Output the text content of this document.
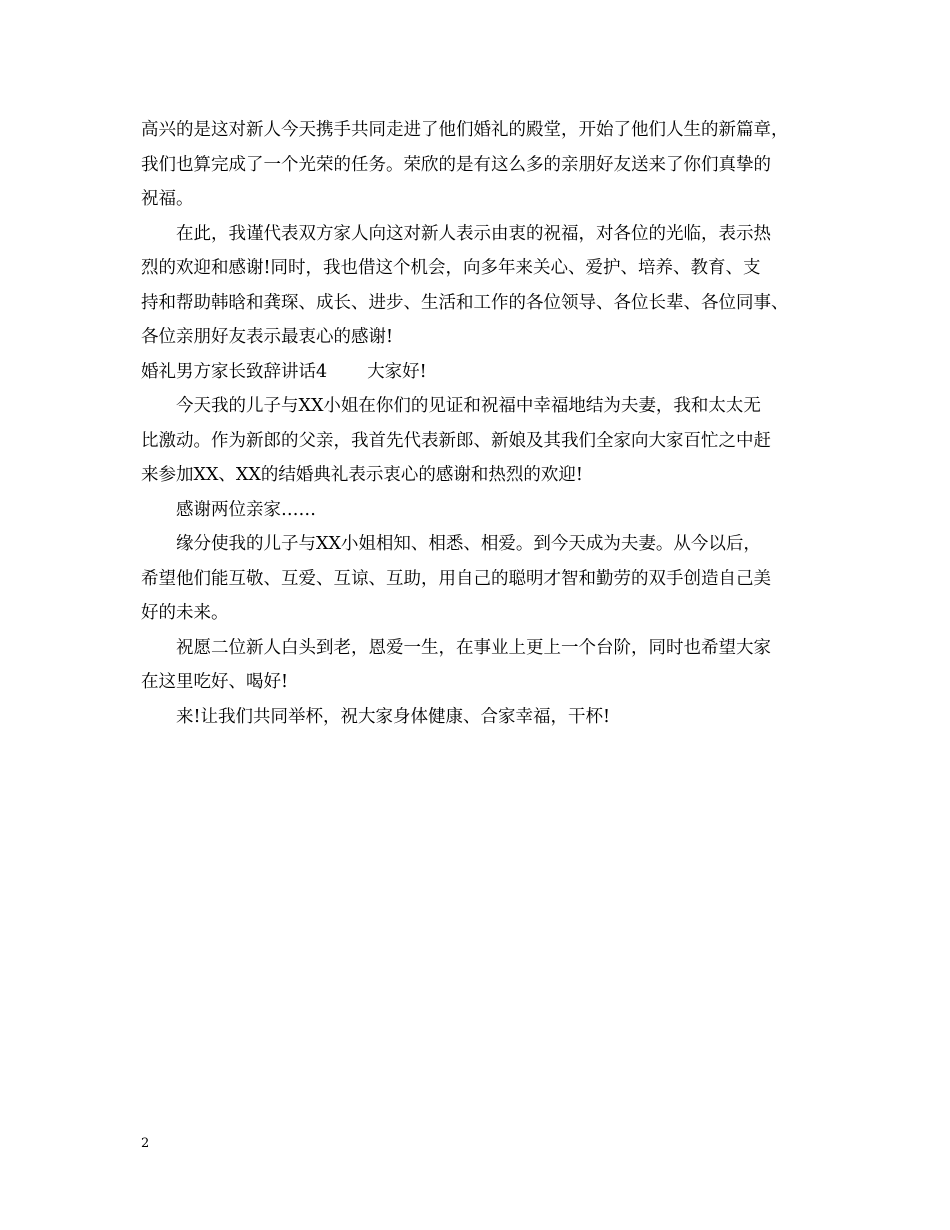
高兴的是这对新人今天携手共同走进了他们婚礼的殿堂，开始了他们人生的新篇章，
我们也算完成了一个光荣的任务。荣欣的是有这么多的亲朋好友送来了你们真挚的
祝福。

在此，我谨代表双方家人向这对新人表示由衷的祝福，对各位的光临，表示热
烈的欢迎和感谢!同时，我也借这个机会，向多年来关心、爱护、培养、教育、支
持和帮助韩晗和龚琛、成长、进步、生活和工作的各位领导、各位长辈、各位同事、
各位亲朋好友表示最衷心的感谢!

婚礼男方家长致辞讲话4 大家好!

今天我的儿子与XX小姐在你们的见证和祝福中幸福地结为夫妻，我和太太无
比激动。作为新郎的父亲，我首先代表新郎、新娘及其我们全家向大家百忙之中赶
来参加XX、XX的结婚典礼表示衷心的感谢和热烈的欢迎!

感谢两位亲家……

缘分使我的儿子与XX小姐相知、相悉、相爱。到今天成为夫妻。从今以后，
希望他们能互敬、互爱、互谅、互助，用自己的聪明才智和勤劳的双手创造自己美
好的未来。

祝愿二位新人白头到老，恩爱一生，在事业上更上一个台阶，同时也希望大家
在这里吃好、喝好!

来!让我们共同举杯，祝大家身体健康、合家幸福，干杯!

2
